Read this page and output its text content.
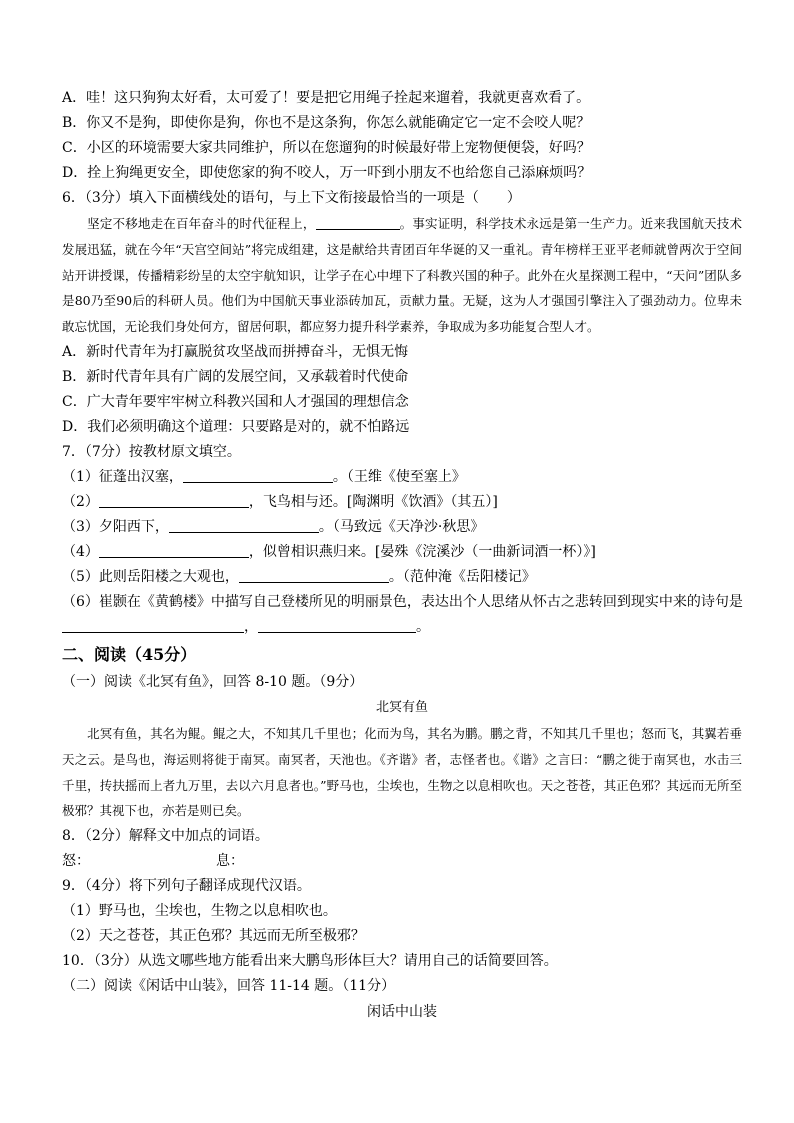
A．哇！这只狗狗太好看，太可爱了！要是把它用绳子拴起来遛着，我就更喜欢看了。
B．你又不是狗，即使你是狗，你也不是这条狗，你怎么就能确定它一定不会咬人呢？
C．小区的环境需要大家共同维护，所以在您遛狗的时候最好带上宠物便便袋，好吗？
D．拴上狗绳更安全，即使您家的狗不咬人，万一吓到小朋友不也给您自己添麻烦吗？
6．（3分）填入下面横线处的语句，与上下文衔接最恰当的一项是（ ）
坚定不移地走在百年奋斗的时代征程上，	。事实证明，科学技术永远是第一生产力。近来我国航天技术发展迅猛，就在今年“天宫空间站”将完成组建，这是献给共青团百年华诞的又一重礼。青年榜样王亚平老师就曾两次于空间站开讲授课，传播精彩纷呈的太空宇航知识，让学子在心中埋下了科教兴国的种子。此外在火星探测工程中，“天问”团队多是80乃至90后的科研人员。他们为中国航天事业添砖加瓦，贡献力量。无疑，这为人才强国引擎注入了强劲动力。位卑未敢忘忧国，无论我们身处何方，留居何职，都应努力提升科学素养，争取成为多功能复合型人才。
A．新时代青年为打赢脱贫攻坚战而拼搏奋斗，无惧无悔
B．新时代青年具有广阔的发展空间，又承载着时代使命
C．广大青年要牢牢树立科教兴国和人才强国的理想信念
D．我们必须明确这个道理：只要路是对的，就不怕路远
7．（7分）按教材原文填空。
（1）征蓬出汉塞，	。（王维《使至塞上》
（2）	，飞鸟相与还。[陶渊明《饮酒》（其五）]
（3）夕阳西下，	。（马致远《天净沙·秋思》
（4）	，似曾相识燕归来。[晏殊《浣溪沙（一曲新词酒一杯）》]
（5）此则岳阳楼之大观也，	。（范仲淹《岳阳楼记》
（6）崔颢在《黄鹤楼》中描写自己登楼所见的明丽景色，表达出个人思绪从怀古之悲转回到现实中来的诗句是
，	。
二、阅读（45分）
（一）阅读《北冥有鱼》，回答 8-10 题。（9分）
北冥有鱼
北冥有鱼，其名为鲲。鲲之大，不知其几千里也；化而为鸟，其名为鹏。鹏之背，不知其几千里也；怒而飞，其翼若垂天之云。是鸟也，海运则将徙于南冥。南冥者，天池也。《齐谐》者，志怪者也。《谐》之言曰：“鹏之徙于南冥也，水击三千里，抟扶摇而上者九万里，去以六月息者也。”野马也，尘埃也，生物之以息相吹也。天之苍苍，其正色邪？其远而无所至极邪？其视下也，亦若是则已矣。
8．（2分）解释文中加点的词语。
怒：	息：
9．（4分）将下列句子翻译成现代汉语。
（1）野马也，尘埃也，生物之以息相吹也。
（2）天之苍苍，其正色邪？其远而无所至极邪？
10．（3分）从选文哪些地方能看出来大鹏鸟形体巨大？请用自己的话简要回答。
（二）阅读《闲话中山装》，回答 11-14 题。（11分）
闲话中山装
